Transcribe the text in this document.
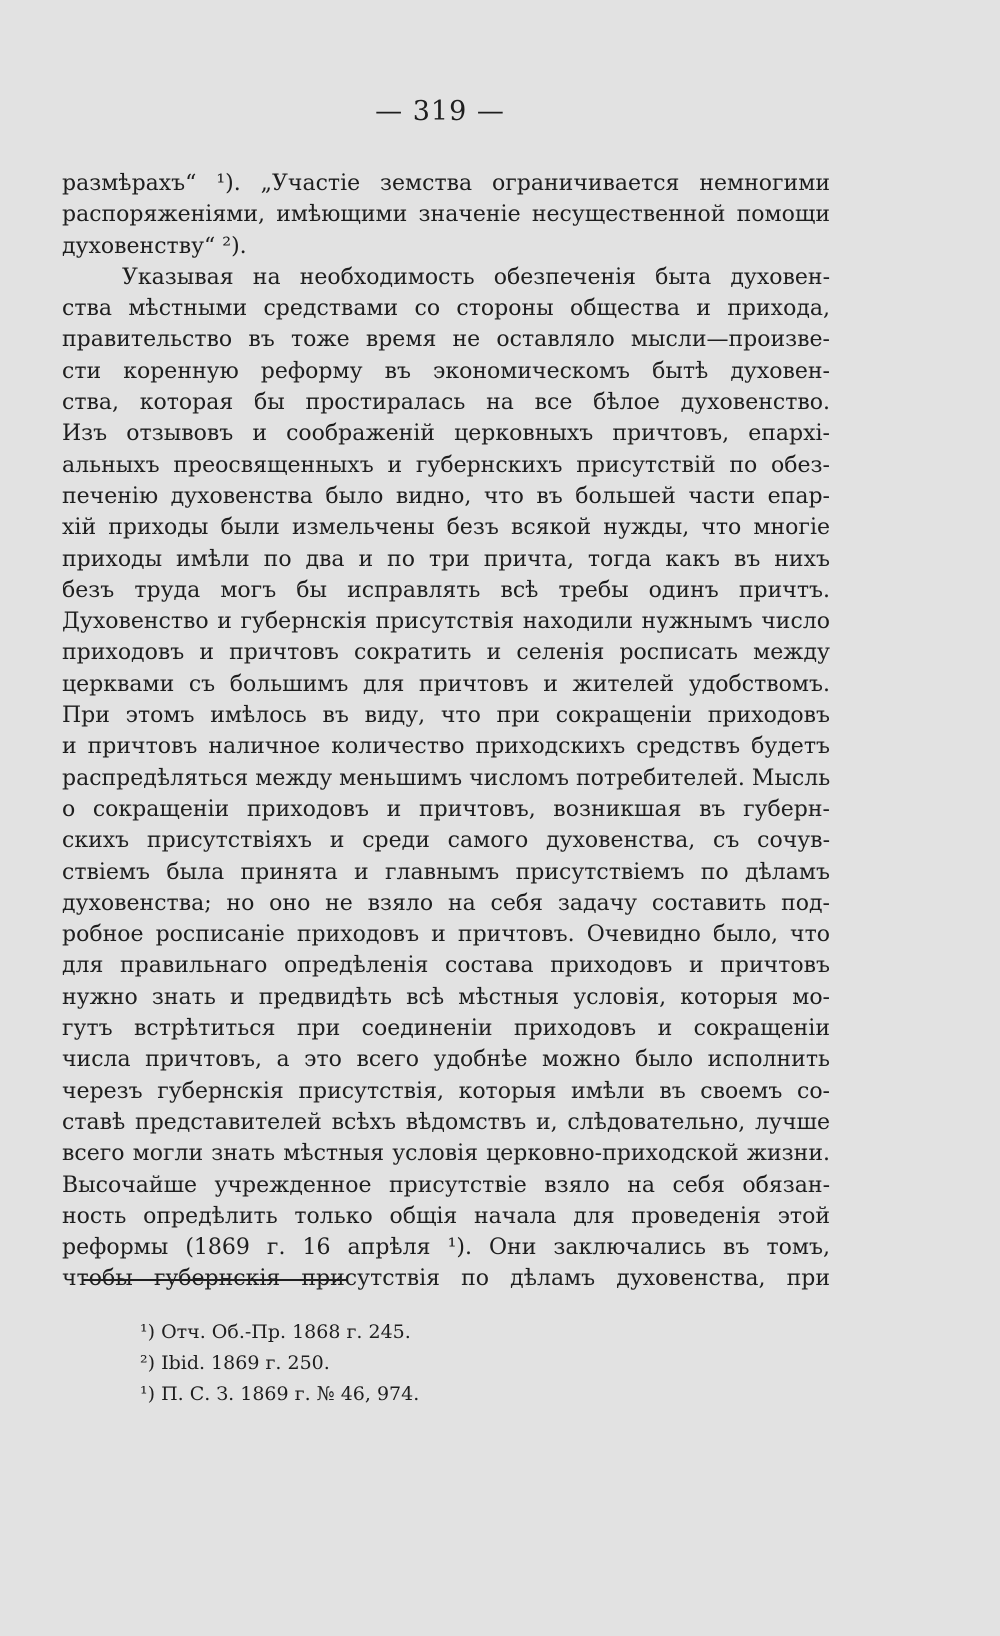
— 319 —
размѣрахъ“ ¹). „Участіе земства ограничивается немногими
распоряженіями, имѣющими значеніе несущественной помощи
духовенству“ ²).
Указывая на необходимость обезпеченія быта духовен-
ства мѣстными средствами со стороны общества и прихода,
правительство въ тоже время не оставляло мысли—произве-
сти коренную реформу въ экономическомъ бытѣ духовен-
ства, которая бы простиралась на все бѣлое духовенство.
Изъ отзывовъ и соображеній церковныхъ причтовъ, епархі-
альныхъ преосвященныхъ и губернскихъ присутствій по обез-
печенію духовенства было видно, что въ большей части епар-
хій приходы были измельчены безъ всякой нужды, что многіе
приходы имѣли по два и по три причта, тогда какъ въ нихъ
безъ труда могъ бы исправлять всѣ требы одинъ причтъ.
Духовенство и губернскія присутствія находили нужнымъ число
приходовъ и причтовъ сократить и селенія росписать между
церквами съ большимъ для причтовъ и жителей удобствомъ.
При этомъ имѣлось въ виду, что при сокращеніи приходовъ
и причтовъ наличное количество приходскихъ средствъ будетъ
распредѣляться между меньшимъ числомъ потребителей. Мысль
о сокращеніи приходовъ и причтовъ, возникшая въ губерн-
скихъ присутствіяхъ и среди самого духовенства, съ сочув-
ствіемъ была принята и главнымъ присутствіемъ по дѣламъ
духовенства; но оно не взяло на себя задачу составить под-
робное росписаніе приходовъ и причтовъ. Очевидно было, что
для правильнаго опредѣленія состава приходовъ и причтовъ
нужно знать и предвидѣть всѣ мѣстныя условія, которыя мо-
гутъ встрѣтиться при соединеніи приходовъ и сокращеніи
числа причтовъ, а это всего удобнѣе можно было исполнить
черезъ губернскія присутствія, которыя имѣли въ своемъ со-
ставѣ представителей всѣхъ вѣдомствъ и, слѣдовательно, лучше
всего могли знать мѣстныя условія церковно-приходской жизни.
Высочайше учрежденное присутствіе взяло на себя обязан-
ность опредѣлить только общія начала для проведенія этой
реформы (1869 г. 16 апрѣля ¹). Они заключались въ томъ,
чтобы губернскія присутствія по дѣламъ духовенства, при
¹) Отч. Об.-Пр. 1868 г. 245.
²) Ibid. 1869 г. 250.
¹) П. С. З. 1869 г. № 46, 974.
